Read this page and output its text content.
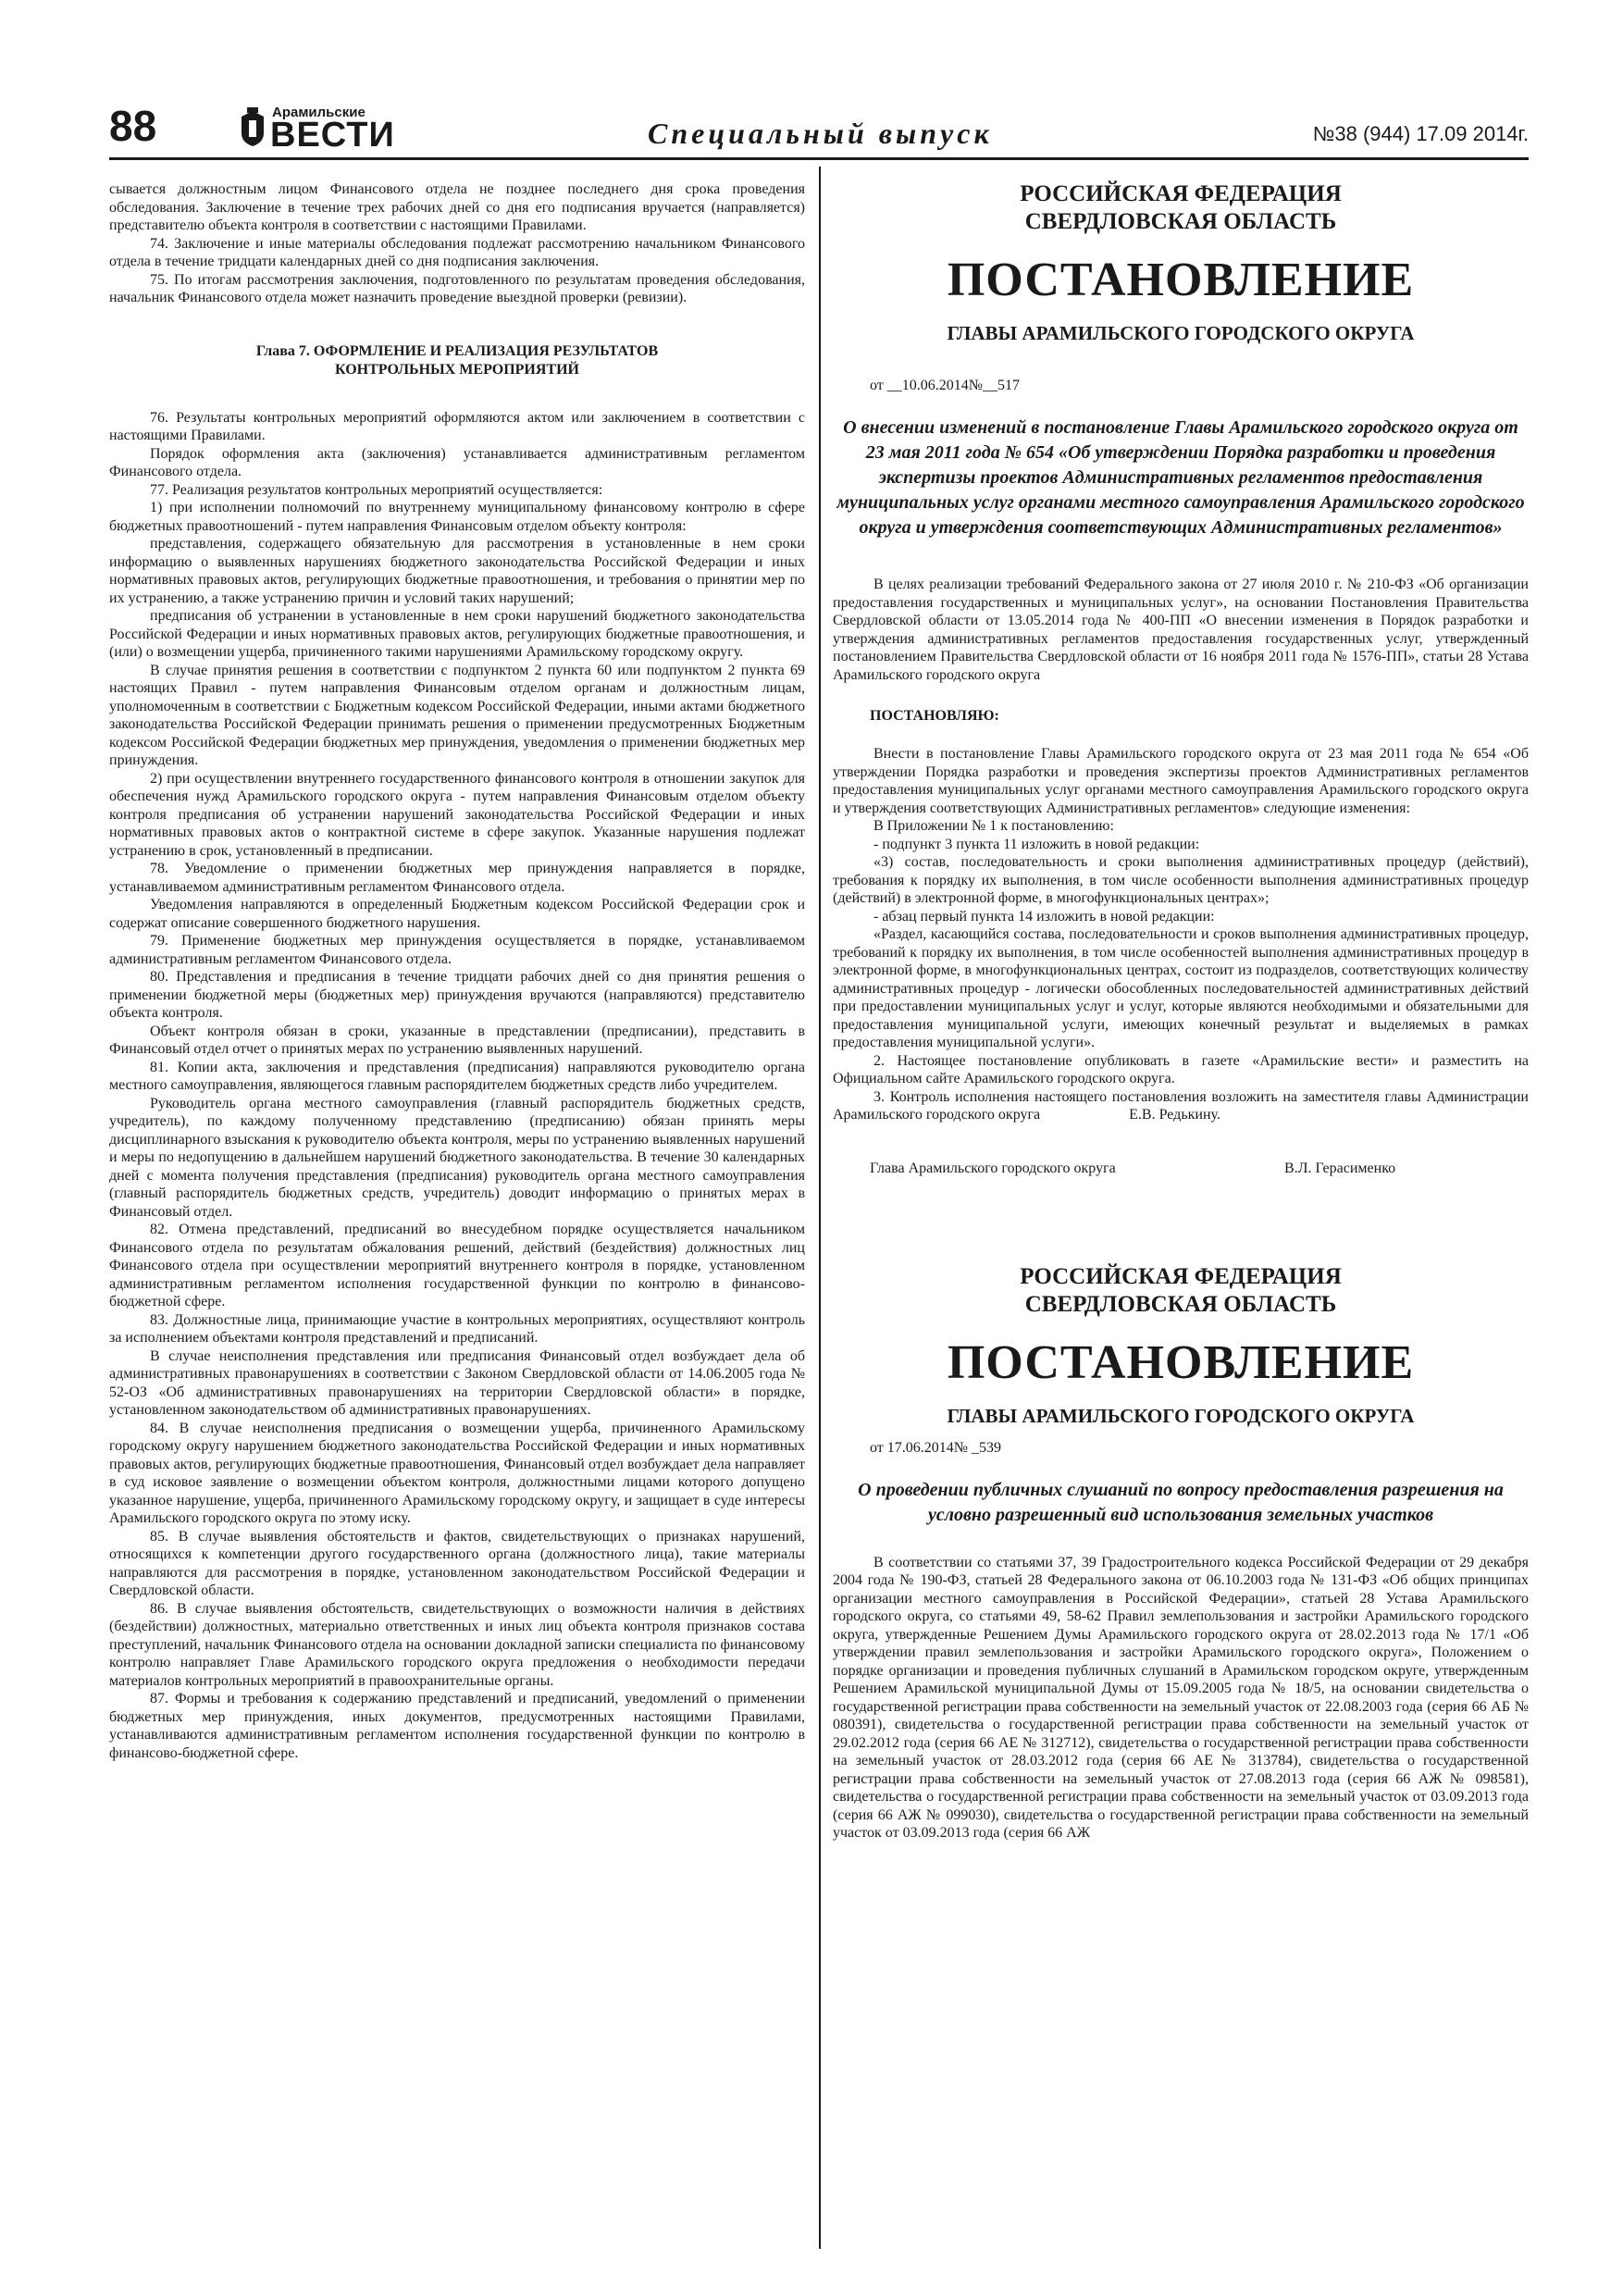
88	Арамильские
ВЕСТИ	Специальный выпуск	№38 (944) 17.09 2014г.

сывается должностным лицом Финансового отдела не позднее последнего дня срока проведения обследования. Заключение в течение трех рабочих дней со дня его подписания вручается (направляется) представителю объекта контроля в соответствии с настоящими Правилами.

74. Заключение и иные материалы обследования подлежат рассмотрению начальником Финансового отдела в течение тридцати календарных дней со дня подписания заключения.

75. По итогам рассмотрения заключения, подготовленного по результатам проведения обследования, начальник Финансового отдела может назначить проведение выездной проверки (ревизии).

Глава 7. ОФОРМЛЕНИЕ И РЕАЛИЗАЦИЯ РЕЗУЛЬТАТОВ
КОНТРОЛЬНЫХ МЕРОПРИЯТИЙ

76. Результаты контрольных мероприятий оформляются актом или заключением в соответствии с настоящими Правилами.

Порядок оформления акта (заключения) устанавливается административным регламентом Финансового отдела.

77. Реализация результатов контрольных мероприятий осуществляется:

1) при исполнении полномочий по внутреннему муниципальному финансовому контролю в сфере бюджетных правоотношений - путем направления Финансовым отделом объекту контроля:

представления, содержащего обязательную для рассмотрения в установленные в нем сроки информацию о выявленных нарушениях бюджетного законодательства Российской Федерации и иных нормативных правовых актов, регулирующих бюджетные правоотношения, и требования о принятии мер по их устранению, а также устранению причин и условий таких нарушений;

предписания об устранении в установленные в нем сроки нарушений бюджетного законодательства Российской Федерации и иных нормативных правовых актов, регулирующих бюджетные правоотношения, и (или) о возмещении ущерба, причиненного такими нарушениями Арамильскому городскому округу.

В случае принятия решения в соответствии с подпунктом 2 пункта 60 или подпунктом 2 пункта 69 настоящих Правил - путем направления Финансовым отделом органам и должностным лицам, уполномоченным в соответствии с Бюджетным кодексом Российской Федерации, иными актами бюджетного законодательства Российской Федерации принимать решения о применении предусмотренных Бюджетным кодексом Российской Федерации бюджетных мер принуждения, уведомления о применении бюджетных мер принуждения.

2) при осуществлении внутреннего государственного финансового контроля в отношении закупок для обеспечения нужд Арамильского городского округа - путем направления Финансовым отделом объекту контроля предписания об устранении нарушений законодательства Российской Федерации и иных нормативных правовых актов о контрактной системе в сфере закупок. Указанные нарушения подлежат устранению в срок, установленный в предписании.

78. Уведомление о применении бюджетных мер принуждения направляется в порядке, устанавливаемом административным регламентом Финансового отдела.

Уведомления направляются в определенный Бюджетным кодексом Российской Федерации срок и содержат описание совершенного бюджетного нарушения.

79. Применение бюджетных мер принуждения осуществляется в порядке, устанавливаемом административным регламентом Финансового отдела.

80. Представления и предписания в течение тридцати рабочих дней со дня принятия решения о применении бюджетной меры (бюджетных мер) принуждения вручаются (направляются) представителю объекта контроля.

Объект контроля обязан в сроки, указанные в представлении (предписании), представить в Финансовый отдел отчет о принятых мерах по устранению выявленных нарушений.

81. Копии акта, заключения и представления (предписания) направляются руководителю органа местного самоуправления, являющегося главным распорядителем бюджетных средств либо учредителем.

Руководитель органа местного самоуправления (главный распорядитель бюджетных средств, учредитель), по каждому полученному представлению (предписанию) обязан принять меры дисциплинарного взыскания к руководителю объекта контроля, меры по устранению выявленных нарушений и меры по недопущению в дальнейшем нарушений бюджетного законодательства. В течение 30 календарных дней с момента получения представления (предписания) руководитель органа местного самоуправления (главный распорядитель бюджетных средств, учредитель) доводит информацию о принятых мерах в Финансовый отдел.

82. Отмена представлений, предписаний во внесудебном порядке осуществляется начальником Финансового отдела по результатам обжалования решений, действий (бездействия) должностных лиц Финансового отдела при осуществлении мероприятий внутреннего контроля в порядке, установленном административным регламентом исполнения государственной функции по контролю в финансово-бюджетной сфере.

83. Должностные лица, принимающие участие в контрольных мероприятиях, осуществляют контроль за исполнением объектами контроля представлений и предписаний.

В случае неисполнения представления или предписания Финансовый отдел возбуждает дела об административных правонарушениях в соответствии с Законом Свердловской области от 14.06.2005 года № 52-ОЗ «Об административных правонарушениях на территории Свердловской области» в порядке, установленном законодательством об административных правонарушениях.

84. В случае неисполнения предписания о возмещении ущерба, причиненного Арамильскому городскому округу нарушением бюджетного законодательства Российской Федерации и иных нормативных правовых актов, регулирующих бюджетные правоотношения, Финансовый отдел возбуждает дела направляет в суд исковое заявление о возмещении объектом контроля, должностными лицами которого допущено указанное нарушение, ущерба, причиненного Арамильскому городскому округу, и защищает в суде интересы Арамильского городского округа по этому иску.

85. В случае выявления обстоятельств и фактов, свидетельствующих о признаках нарушений, относящихся к компетенции другого государственного органа (должностного лица), такие материалы направляются для рассмотрения в порядке, установленном законодательством Российской Федерации и Свердловской области.

86. В случае выявления обстоятельств, свидетельствующих о возможности наличия в действиях (бездействии) должностных, материально ответственных и иных лиц объекта контроля признаков состава преступлений, начальник Финансового отдела на основании докладной записки специалиста по финансовому контролю направляет Главе Арамильского городского округа предложения о необходимости передачи материалов контрольных мероприятий в правоохранительные органы.

87. Формы и требования к содержанию представлений и предписаний, уведомлений о применении бюджетных мер принуждения, иных документов, предусмотренных настоящими Правилами, устанавливаются административным регламентом исполнения государственной функции по контролю в финансово-бюджетной сфере.

РОССИЙСКАЯ ФЕДЕРАЦИЯ
СВЕРДЛОВСКАЯ ОБЛАСТЬ
ПОСТАНОВЛЕНИЕ
ГЛАВЫ АРАМИЛЬСКОГО ГОРОДСКОГО ОКРУГА
от __10.06.2014№__517
О внесении изменений в постановление Главы Арамильского городского округа от 23 мая 2011 года № 654 «Об утверждении Порядка разработки и проведения экспертизы проектов Административных регламентов предоставления муниципальных услуг органами местного самоуправления Арамильского городского округа и утверждения соответствующих Административных регламентов»

В целях реализации требований Федерального закона от 27 июля 2010 г. № 210-ФЗ «Об организации предоставления государственных и муниципальных услуг», на основании Постановления Правительства Свердловской области от 13.05.2014 года № 400-ПП «О внесении изменения в Порядок разработки и утверждения административных регламентов предоставления государственных услуг, утвержденный постановлением Правительства Свердловской области от 16 ноября 2011 года № 1576-ПП», статьи 28 Устава Арамильского городского округа

ПОСТАНОВЛЯЮ:

Внести в постановление Главы Арамильского городского округа от 23 мая 2011 года № 654 «Об утверждении Порядка разработки и проведения экспертизы проектов Административных регламентов предоставления муниципальных услуг органами местного самоуправления Арамильского городского округа и утверждения соответствующих Административных регламентов» следующие изменения:

В Приложении № 1 к постановлению:

- подпункт 3 пункта 11 изложить в новой редакции:

«3) состав, последовательность и сроки выполнения административных процедур (действий), требования к порядку их выполнения, в том числе особенности выполнения административных процедур (действий) в электронной форме, в многофункциональных центрах»;

- абзац первый пункта 14 изложить в новой редакции:

«Раздел, касающийся состава, последовательности и сроков выполнения административных процедур, требований к порядку их выполнения, в том числе особенностей выполнения административных процедур в электронной форме, в многофункциональных центрах, состоит из подразделов, соответствующих количеству административных процедур - логически обособленных последовательностей административных действий при предоставлении муниципальных услуг и услуг, которые являются необходимыми и обязательными для предоставления муниципальной услуги, имеющих конечный результат и выделяемых в рамках предоставления муниципальной услуги».

2. Настоящее постановление опубликовать в газете «Арамильские вести» и разместить на Официальном сайте Арамильского городского округа.

3. Контроль исполнения настоящего постановления возложить на заместителя главы Администрации Арамильского городского округа                        Е.В. Редькину.

Глава Арамильского городского округа	В.Л. Герасименко
РОССИЙСКАЯ ФЕДЕРАЦИЯ
СВЕРДЛОВСКАЯ ОБЛАСТЬ
ПОСТАНОВЛЕНИЕ
ГЛАВЫ АРАМИЛЬСКОГО ГОРОДСКОГО ОКРУГА
от 17.06.2014№ _539
О проведении публичных слушаний по вопросу предоставления разрешения на условно разрешенный вид использования земельных участков

В соответствии со статьями 37, 39 Градостроительного кодекса Российской Федерации от 29 декабря 2004 года № 190-ФЗ, статьей 28 Федерального закона от 06.10.2003 года № 131-ФЗ «Об общих принципах организации местного самоуправления в Российской Федерации», статьей 28 Устава Арамильского городского округа, со статьями 49, 58-62 Правил землепользования и застройки Арамильского городского округа, утвержденные Решением Думы Арамильского городского округа от 28.02.2013 года № 17/1 «Об утверждении правил землепользования и застройки Арамильского городского округа», Положением о порядке организации и проведения публичных слушаний в Арамильском городском округе, утвержденным Решением Арамильской муниципальной Думы от 15.09.2005 года № 18/5, на основании свидетельства о государственной регистрации права собственности на земельный участок от 22.08.2003 года (серия 66 АБ № 080391), свидетельства о государственной регистрации права собственности на земельный участок от 29.02.2012 года (серия 66 АЕ № 312712), свидетельства о государственной регистрации права собственности на земельный участок от 28.03.2012 года (серия 66 АЕ № 313784), свидетельства о государственной регистрации права собственности на земельный участок от 27.08.2013 года (серия 66 АЖ № 098581), свидетельства о государственной регистрации права собственности на земельный участок от 03.09.2013 года (серия 66 АЖ № 099030), свидетельства о государственной регистрации права собственности на земельный участок от 03.09.2013 года (серия 66 АЖ
